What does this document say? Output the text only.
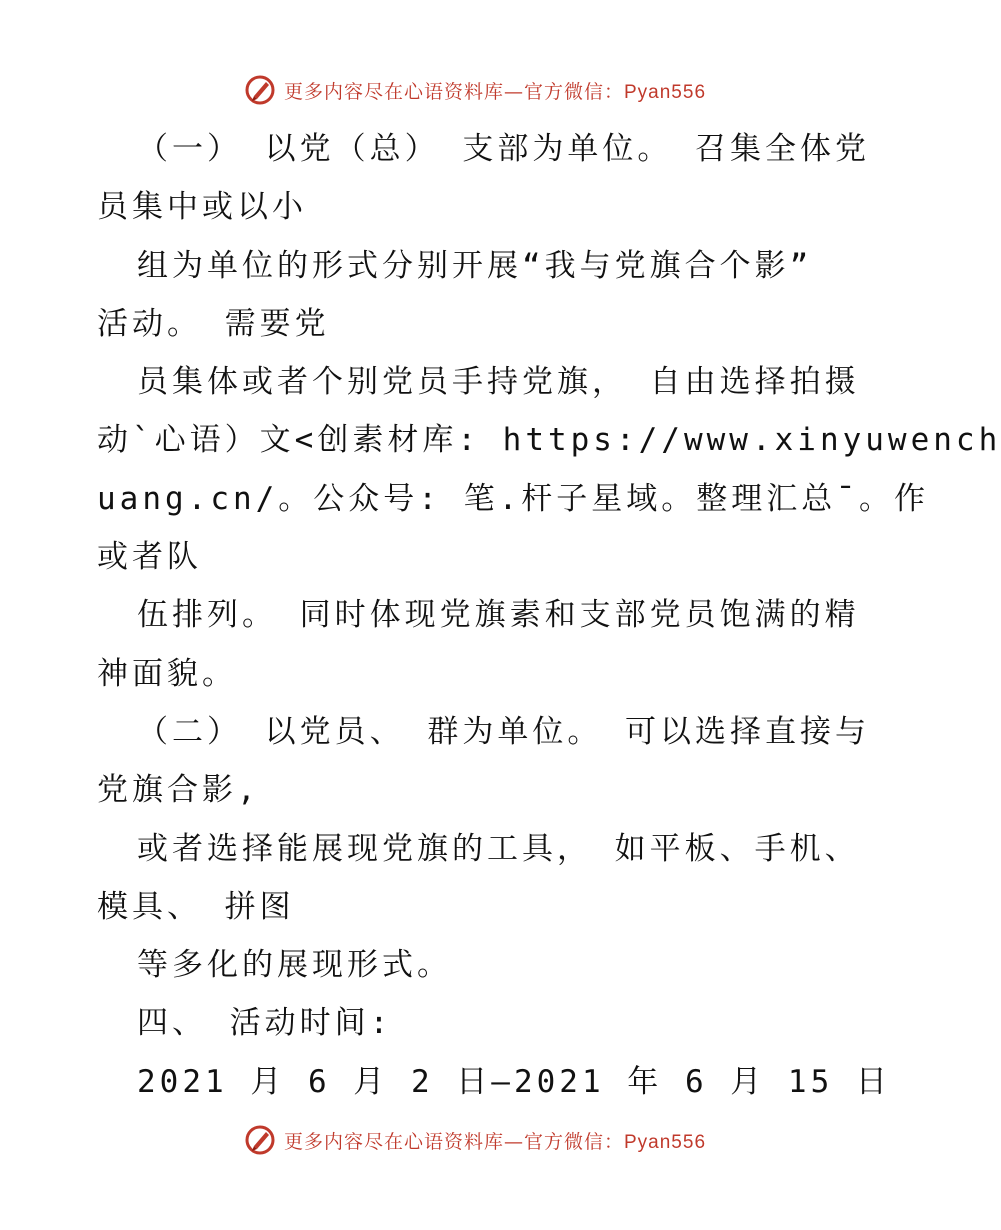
更多内容尽在心语资料库—官方微信：Pyan556
（一） 以党（总） 支部为单位。 召集全体党
员集中或以小
组为单位的形式分别开展“我与党旗合个影”
活动。 需要党
员集体或者个别党员手持党旗， 自由选择拍摄
动`心语）文<创素材库: https://www.xinyuwench
uang.cn/。公众号: 笔.杆子星域。整理汇总¯。作
或者队
伍排列。 同时体现党旗素和支部党员饱满的精
神面貌。
（二） 以党员、 群为单位。 可以选择直接与
党旗合影,
或者选择能展现党旗的工具， 如平板、手机、
模具、 拼图
等多化的展现形式。
四、 活动时间:
2021 月 6 月 2 日—2021 年 6 月 15 日
更多内容尽在心语资料库—官方微信：Pyan556
